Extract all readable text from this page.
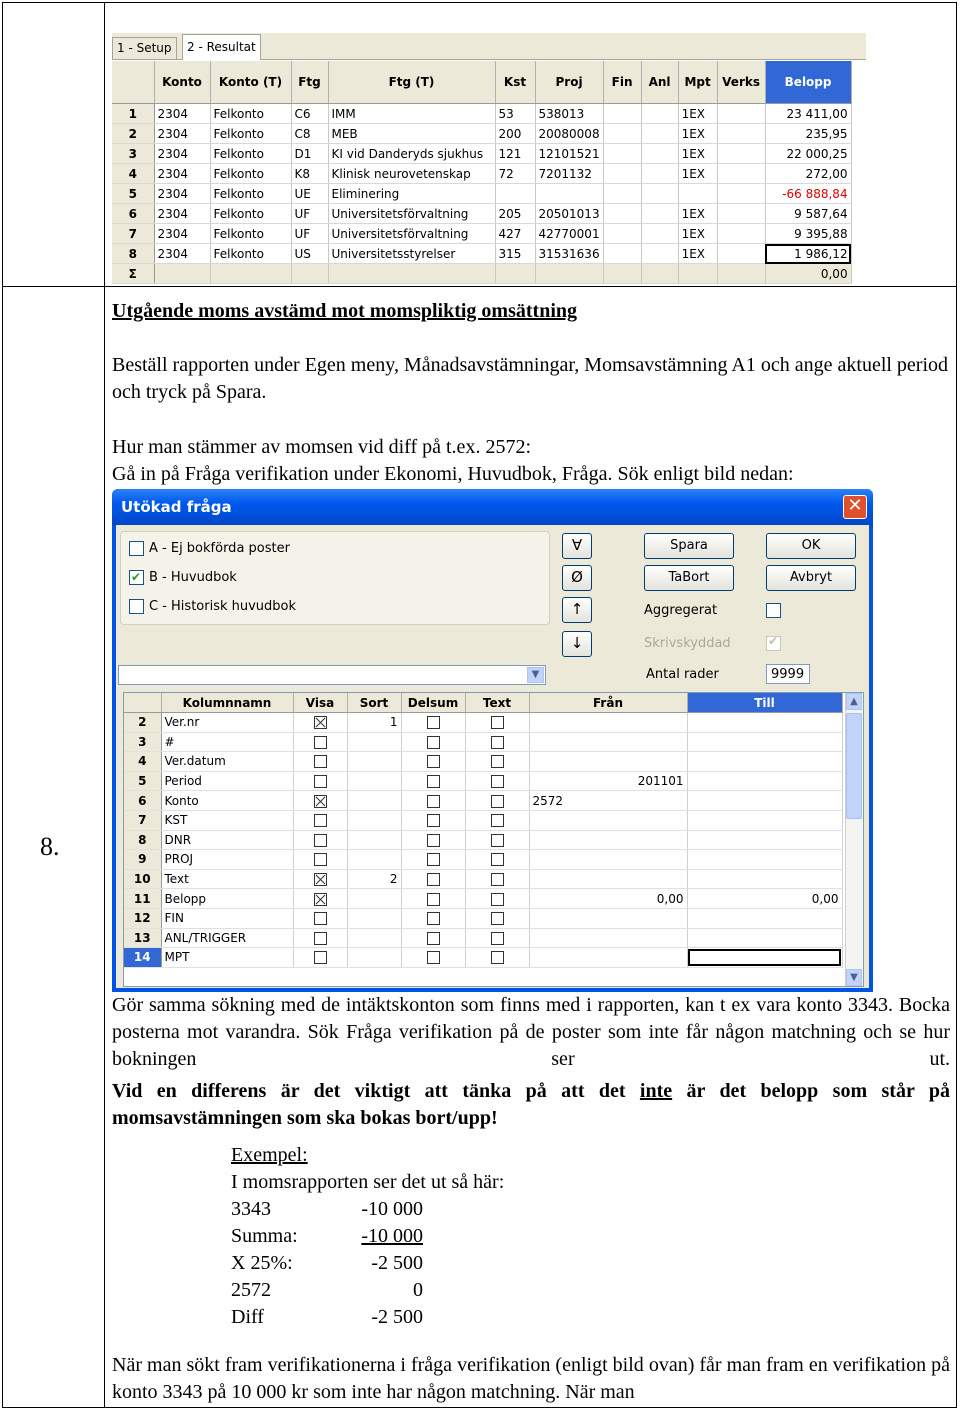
8.
1 - Setup	2 - Resultat
	Konto	Konto (T)	Ftg	Ftg (T)	Kst	Proj	Fin	Anl	Mpt	Verks	Belopp
1	2304	Felkonto	C6	IMM	53	538013			1EX		23 411,00
2	2304	Felkonto	C8	MEB	200	20080008			1EX		235,95
3	2304	Felkonto	D1	KI vid Danderyds sjukhus	121	12101521			1EX		22 000,25
4	2304	Felkonto	K8	Klinisk neurovetenskap	72	7201132			1EX		272,00
5	2304	Felkonto	UE	Eliminering							-66 888,84
6	2304	Felkonto	UF	Universitetsförvaltning	205	20501013			1EX		9 587,64
7	2304	Felkonto	UF	Universitetsförvaltning	427	42770001			1EX		9 395,88
8	2304	Felkonto	US	Universitetsstyrelser	315	31531636			1EX		1 986,12
Σ											0,00
Utgående moms avstämd mot momspliktig omsättning
Beställ rapporten under Egen meny, Månadsavstämningar, Momsavstämning A1 och ange aktuell period och tryck på Spara.
Hur man stämmer av momsen vid diff på t.ex. 2572:
Gå in på Fråga verifikation under Ekonomi, Huvudbok, Fråga. Sök enligt bild nedan:
Utökad fråga	✕
A - Ej bokförda poster
✔B - Huvudbok
C - Historisk huvudbok
∀
Ø
↑
↓
Spara	OK
TaBort	Avbryt
Aggregerat
Skrivskyddad
✔
Antal rader	9999
▼
	Kolumnnamn	Visa	Sort	Delsum	Text	Från	Till
2	Ver.nr		1				
3	#						
4	Ver.datum						
5	Period					201101	
6	Konto					2572	
7	KST						
8	DNR						
9	PROJ						
10	Text		2				
11	Belopp					0,00	0,00
12	FIN						
13	ANL/TRIGGER						
14	MPT						
▲
▼
Gör samma sökning med de intäktskonton som finns med i rapporten, kan t ex vara konto 3343. Bocka posterna mot varandra. Sök Fråga verifikation på de poster som inte får någon matchning och se hur bokningen ser ut.
Vid en differens är det viktigt att tänka på att det inte är det belopp som står på momsavstämningen som ska bokas bort/upp!
Exempel:
I momsrapporten ser det ut så här:
3343	-10 000
Summa:	-10 000
X 25%:	-2 500
2572	0
Diff	-2 500
När man sökt fram verifikationerna i fråga verifikation (enligt bild ovan) får man fram en verifikation på konto 3343 på 10 000 kr som inte har någon matchning. När man
